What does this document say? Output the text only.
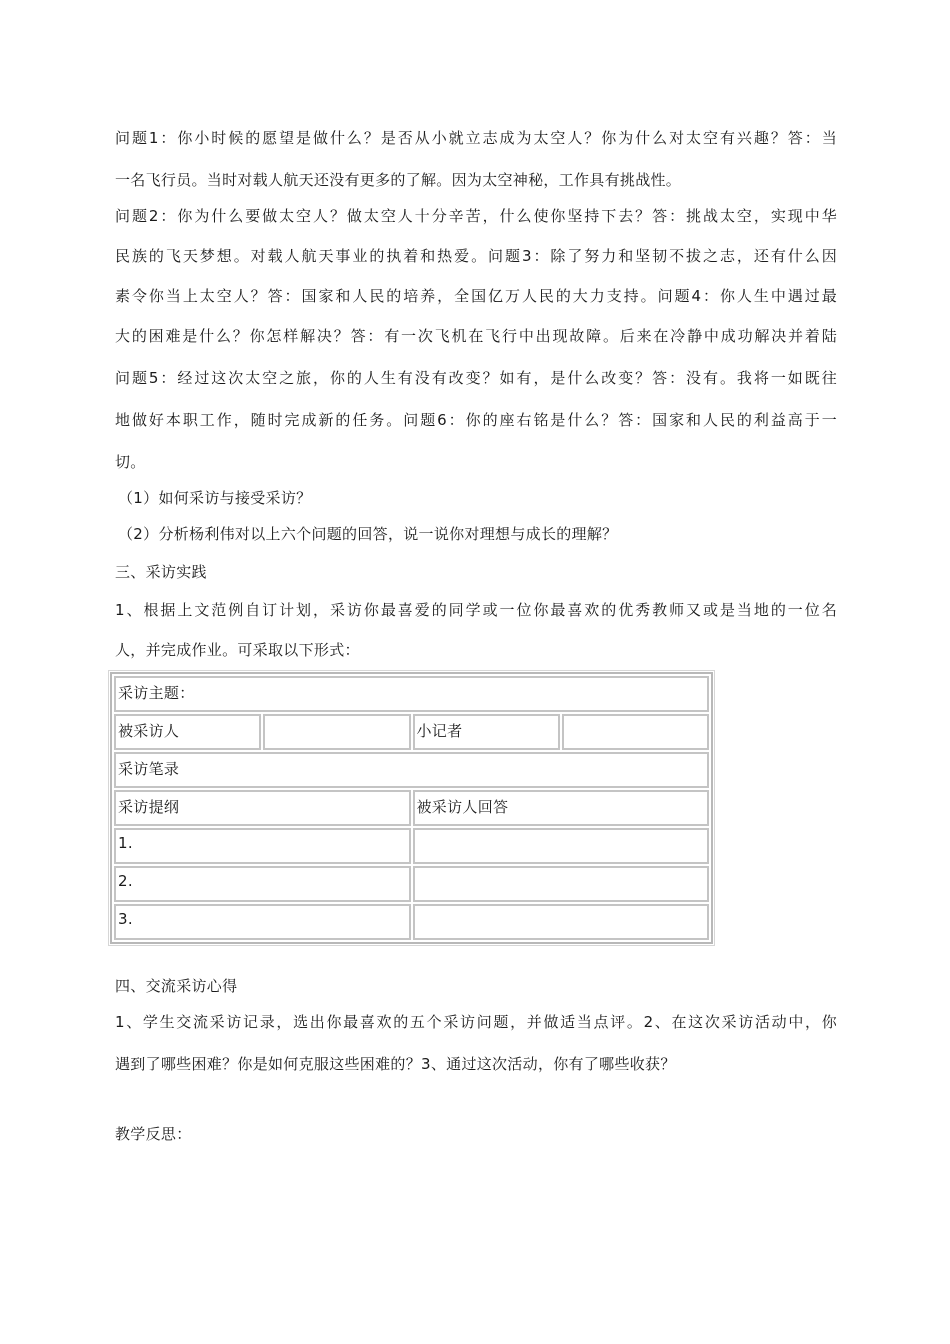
问题1：你小时候的愿望是做什么？是否从小就立志成为太空人？你为什么对太空有兴趣？答：当
一名飞行员。当时对载人航天还没有更多的了解。因为太空神秘，工作具有挑战性。
问题2：你为什么要做太空人？做太空人十分辛苦，什么使你坚持下去？答：挑战太空，实现中华
民族的飞天梦想。对载人航天事业的执着和热爱。问题3：除了努力和坚韧不拔之志，还有什么因
素令你当上太空人？答：国家和人民的培养，全国亿万人民的大力支持。问题4：你人生中遇过最
大的困难是什么？你怎样解决？答：有一次飞机在飞行中出现故障。后来在冷静中成功解决并着陆
问题5：经过这次太空之旅，你的人生有没有改变？如有，是什么改变？答：没有。我将一如既往
地做好本职工作，随时完成新的任务。问题6：你的座右铭是什么？答：国家和人民的利益高于一
切。
（1）如何采访与接受采访？
（2）分析杨利伟对以上六个问题的回答，说一说你对理想与成长的理解？
三、采访实践
1、根据上文范例自订计划，采访你最喜爱的同学或一位你最喜欢的优秀教师又或是当地的一位名
人，并完成作业。可采取以下形式：
采访主题：			
被采访人		小记者	
采访笔录			
采访提纲		被采访人回答	
1.			
2.			
3.			
四、交流采访心得
1、学生交流采访记录，选出你最喜欢的五个采访问题，并做适当点评。2、在这次采访活动中，你
遇到了哪些困难？你是如何克服这些困难的？3、通过这次活动，你有了哪些收获？
教学反思：
